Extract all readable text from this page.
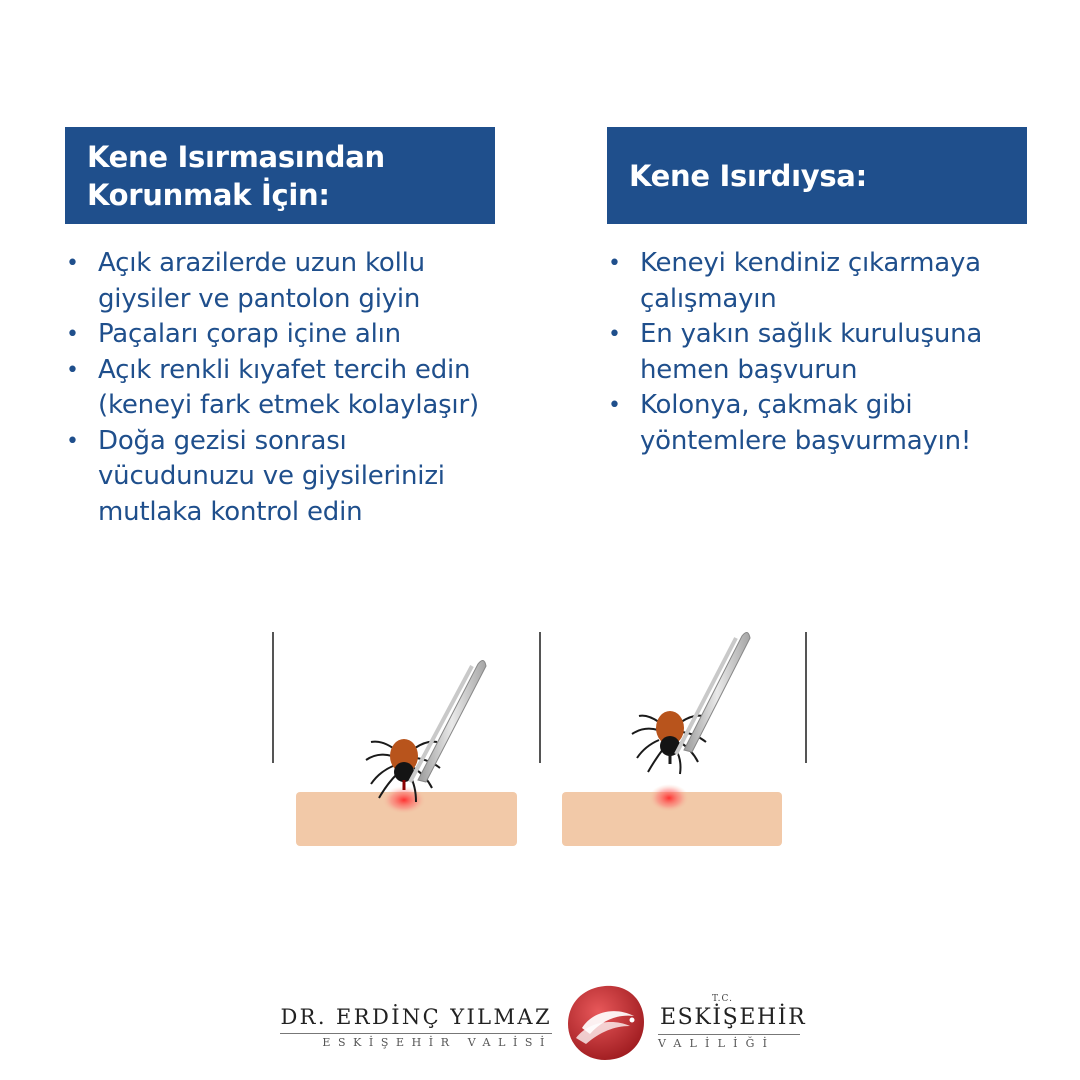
Kene Isırmasından
Korunmak İçin:
• Açık arazilerde uzun kollu giysiler ve pantolon giyin
• Paçaları çorap içine alın
• Açık renkli kıyafet tercih edin (keneyi fark etmek kolaylaşır)
• Doğa gezisi sonrası vücudunuzu ve giysilerinizi mutlaka kontrol edin
Kene Isırdıysa:
• Keneyi kendiniz çıkarmaya çalışmayın
• En yakın sağlık kuruluşuna hemen başvurun
• Kolonya, çakmak gibi yöntemlere başvurmayın!
DR. ERDİNÇ YILMAZ
ESKİŞEHİR VALİSİ
T.C.
ESKİŞEHİR
VALİLİĞİ
